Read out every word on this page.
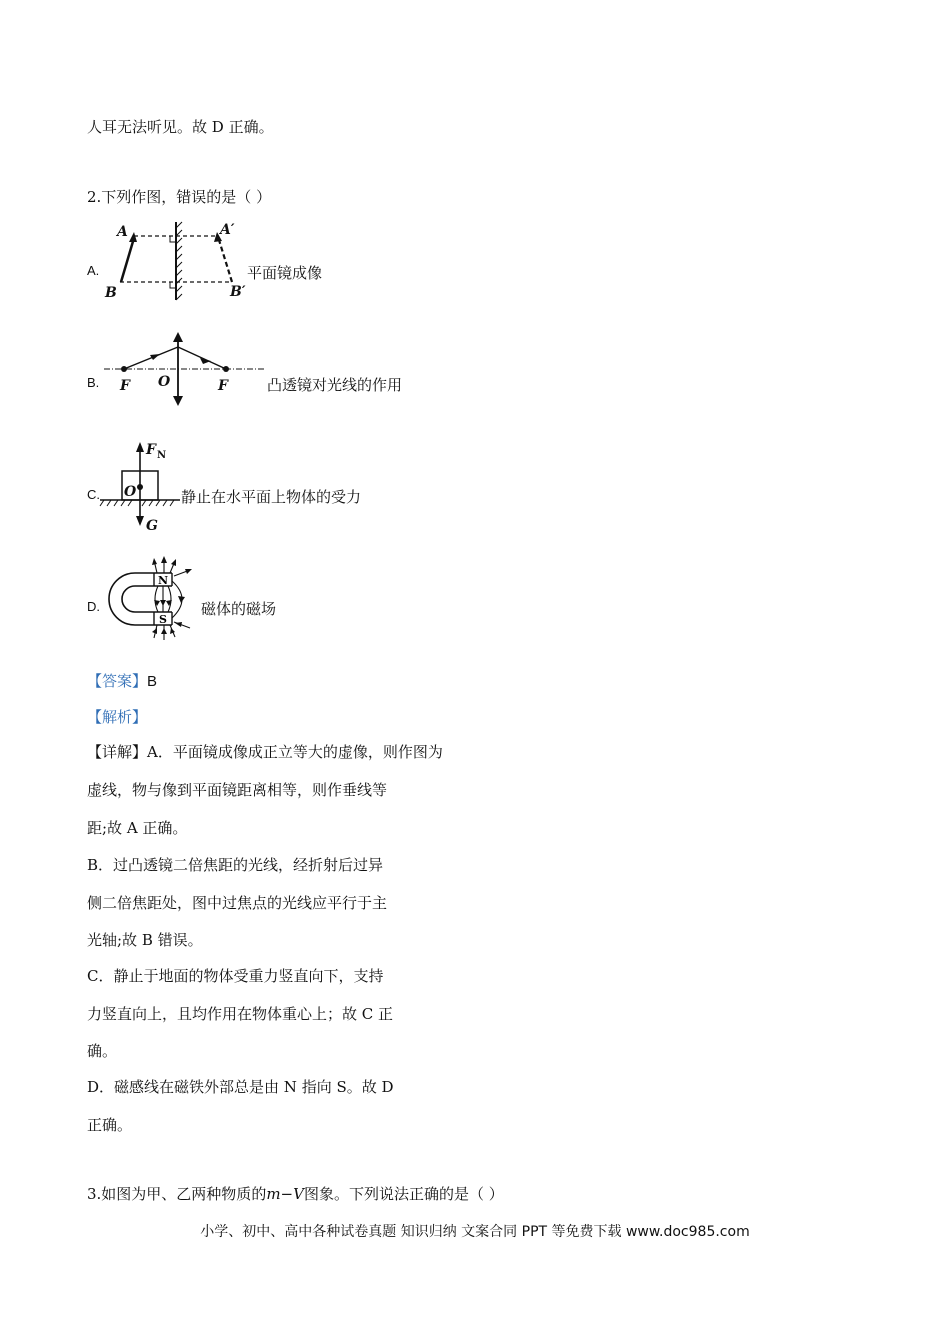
人耳无法听见。故 D 正确。
2.下列作图，错误的是（ ）
A.
A	A′
B	B′
平面镜成像
B. F O	F	凸透镜对光线的作用
C.
F N
O
G
静止在水平面上物体的受力
D.
N
S
磁体的磁场
【答案】B
【解析】
【详解】A．平面镜成像成正立等大的虚像，则作图为
虚线，物与像到平面镜距离相等，则作垂线等
距;故 A 正确。
B．过凸透镜二倍焦距的光线，经折射后过异
侧二倍焦距处，图中过焦点的光线应平行于主
光轴;故 B 错误。
C．静止于地面的物体受重力竖直向下，支持
力竖直向上，且均作用在物体重心上；故 C 正
确。
D．磁感线在磁铁外部总是由 N 指向 S。故 D
正确。
3.如图为甲、乙两种物质的m−V图象。下列说法正确的是（ ）
小学、初中、高中各种试卷真题 知识归纳 文案合同 PPT 等免费下载 www.doc985.com
